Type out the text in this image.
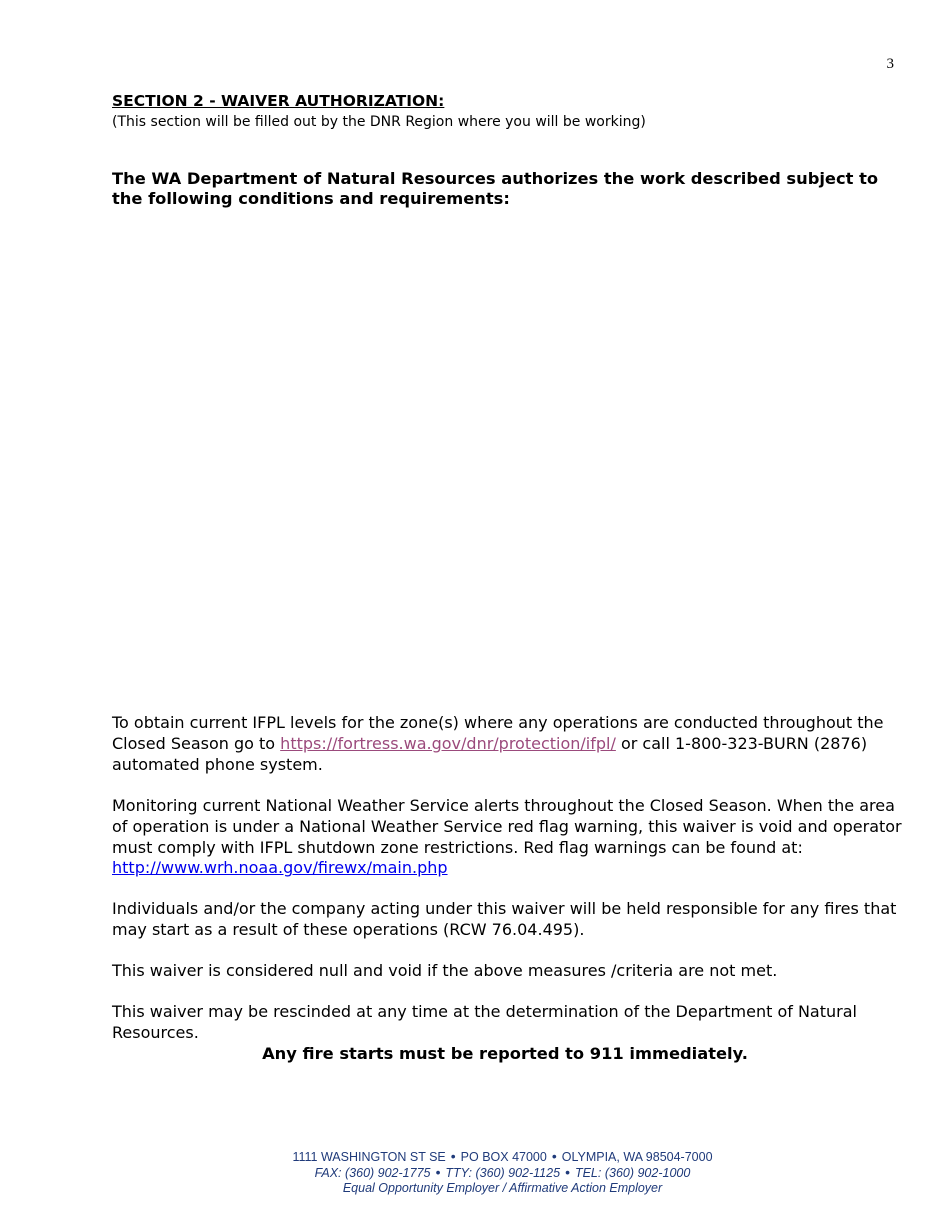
3
SECTION 2 - WAIVER AUTHORIZATION:
(This section will be filled out by the DNR Region where you will be working)
The WA Department of Natural Resources authorizes the work described subject to the following conditions and requirements:
To obtain current IFPL levels for the zone(s) where any operations are conducted throughout the Closed Season go to https://fortress.wa.gov/dnr/protection/ifpl/ or call 1-800-323-BURN (2876) automated phone system.
Monitoring current National Weather Service alerts throughout the Closed Season. When the area of operation is under a National Weather Service red flag warning, this waiver is void and operator must comply with IFPL shutdown zone restrictions. Red flag warnings can be found at:
http://www.wrh.noaa.gov/firewx/main.php
Individuals and/or the company acting under this waiver will be held responsible for any fires that may start as a result of these operations (RCW 76.04.495).
This waiver is considered null and void if the above measures /criteria are not met.
This waiver may be rescinded at any time at the determination of the Department of Natural Resources.
Any fire starts must be reported to 911 immediately.
1111 WASHINGTON ST SE • PO BOX 47000 • OLYMPIA, WA 98504-7000
FAX: (360) 902-1775 • TTY: (360) 902-1125 • TEL: (360) 902-1000
Equal Opportunity Employer / Affirmative Action Employer
